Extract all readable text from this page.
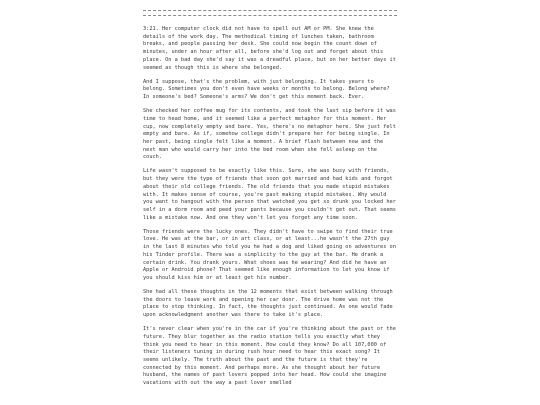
3:21. Her computer clock did not have to spell out AM or PM. She knew the details of the work day. The methodical timing of lunches taken, bathroom breaks, and people passing her desk. She could now begin the count down of minutes, under an hour after all, before she'd log out and forget about this place. On a bad day she'd say it was a dreadful place, but on her better days it seemed as though this is where she belonged.

And I suppose, that's the problem, with just belonging. It takes years to belong. Sometimes you don't even have weeks or months to belong. Belong where? In someone's bed? Someone's arms? We don't get this moment back. Ever.

She checked her coffee mug for its contents, and took the last sip before it was time to head home, and it seemed like a perfect metaphor for this moment. Her cup, now completely empty and bare. Yes, there's no metaphor here. She just felt empty and bare. As if, somehow college didn't prepare her for being single. In her past, being single felt like a moment. A brief flash between now and the next man who would carry her into the bed room when she fell asleep on the couch.

Life wasn't supposed to be exactly like this. Sure, she was busy with friends, but they were the type of friends that soon got married and had kids and forgot about their old college friends. The old friends that you made stupid mistakes with. It makes sense of course, you're past making stupid mistakes. Why would you want to hangout with the person that watched you get so drunk you locked her self in a dorm room and peed your pants because you couldn't get out. That seems like a mistake now. And one they won't let you forget any time soon.

Those friends were the lucky ones. They didn't have to swipe to find their true love. He was at the bar, or in art class, or at least...he wasn't the 27th guy in the last 8 minutes who told you he had a dog and liked going on adventures on his Tinder profile. There was a simplicity to the guy at the bar. He drank a certain drink. You drank yours. What shoes was he wearing? And did he have an Apple or Android phone? That seemed like enough information to let you know if you should kiss him or at least get his number.

She had all these thoughts in the 12 moments that exist between walking through the doors to leave work and opening her car door. The drive home was not the place to stop thinking. In fact, the thoughts just continued. As one would fade upon acknowledgment another was there to take it's place.

It's never clear when you're in the car if you're thinking about the past or the future. They blur together as the radio station tells you exactly what they think you need to hear in this moment. How could they know? Do all 107,000 of their listeners tuning in during rush hour need to hear this exact song? It seems unlikely. The truth about the past and the future is that they're connected by this moment. And perhaps more. As she thought about her future husband, the names of past lovers popped into her head. How could she imagine vacations with out the way a past lover smelled
